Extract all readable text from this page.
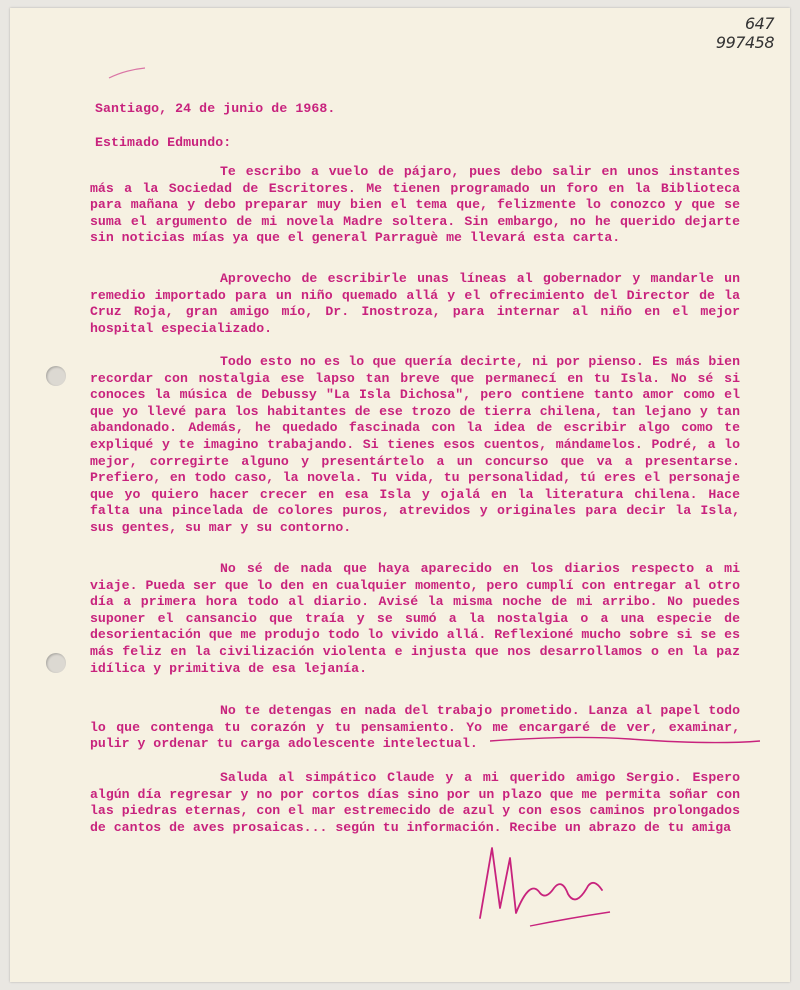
647
997458
Santiago, 24 de junio de 1968.
Estimado Edmundo:
Te escribo a vuelo de pájaro, pues debo salir en unos instantes más a la Sociedad de Escritores. Me tienen programado un foro en la Biblioteca para mañana y debo preparar muy bien el tema que, felizmente lo conozco y que se suma el argumento de mi novela Madre soltera. Sin embargo, no he querido dejarte sin noticias mías ya que el general Parraguè me llevará esta carta.
Aprovecho de escribirle unas líneas al gobernador y mandarle un remedio importado para un niño quemado allá y el ofrecimiento del Director de la Cruz Roja, gran amigo mío, Dr. Inostroza, para internar al niño en el mejor hospital especializado.
Todo esto no es lo que quería decirte, ni por pienso. Es más bien recordar con nostalgia ese lapso tan breve que permanecí en tu Isla. No sé si conoces la música de Debussy "La Isla Dichosa", pero contiene tanto amor como el que yo llevé para los habitantes de ese trozo de tierra chilena, tan lejano y tan abandonado. Además, he quedado fascinada con la idea de escribir algo como te expliqué y te imagino trabajando. Si tienes esos cuentos, mándamelos. Podré, a lo mejor, corregirte alguno y presentártelo a un concurso que va a presentarse. Prefiero, en todo caso, la novela. Tu vida, tu personalidad, tú eres el personaje que yo quiero hacer crecer en esa Isla y ojalá en la literatura chilena. Hace falta una pincelada de colores puros, atrevidos y originales para decir la Isla, sus gentes, su mar y su contorno.
No sé de nada que haya aparecido en los diarios respecto a mi viaje. Pueda ser que lo den en cualquier momento, pero cumplí con entregar al otro día a primera hora todo al diario. Avisé la misma noche de mi arribo. No puedes suponer el cansancio que traía y se sumó a la nostalgia o a una especie de desorientación que me produjo todo lo vivido allá. Reflexioné mucho sobre si se es más feliz en la civilización violenta e injusta que nos desarrollamos o en la paz idílica y primitiva de esa lejanía.
No te detengas en nada del trabajo prometido. Lanza al papel todo lo que contenga tu corazón y tu pensamiento. Yo me encargaré de ver, examinar, pulir y ordenar tu carga adolescente intelectual.
Saluda al simpático Claude y a mi querido amigo Sergio. Espero algún día regresar y no por cortos días sino por un plazo que me permita soñar con las piedras eternas, con el mar estremecido de azul y con esos caminos prolongados de cantos de aves prosaicas... según tu información. Recibe un abrazo de tu amiga
